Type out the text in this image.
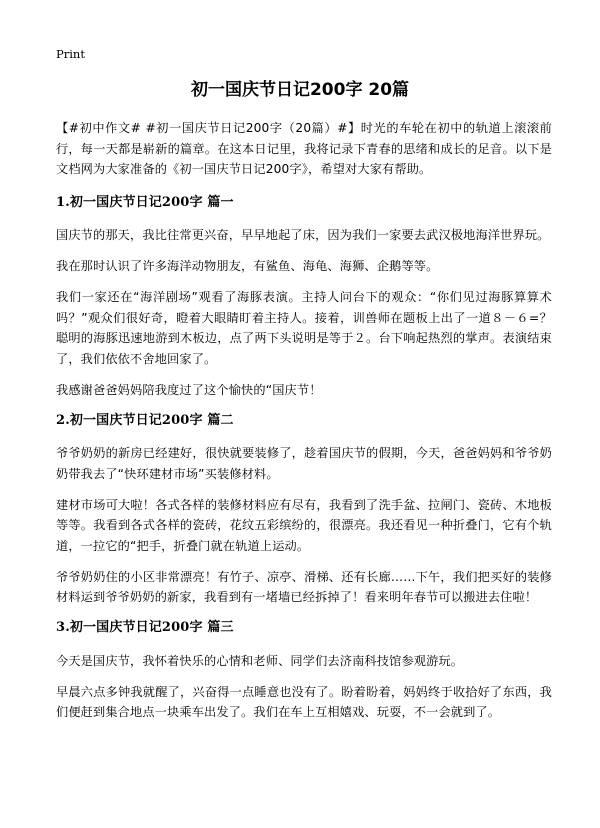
Print
初一国庆节日记200字 20篇

【#初中作文# #初一国庆节日记200字（20篇）#】时光的车轮在初中的轨道上滚滚前行，每一天都是崭新的篇章。在这本日记里，我将记录下青春的思绪和成长的足音。以下是文档网为大家准备的《初一国庆节日记200字》，希望对大家有帮助。

1.初一国庆节日记200字 篇一

国庆节的那天，我比往常更兴奋，早早地起了床，因为我们一家要去武汉极地海洋世界玩。

我在那时认识了许多海洋动物朋友，有鲨鱼、海龟、海狮、企鹅等等。

我们一家还在“海洋剧场”观看了海豚表演。主持人问台下的观众：“你们见过海豚算算术吗？”观众们很好奇，瞪着大眼睛盯着主持人。接着，训兽师在题板上出了一道８－６=？聪明的海豚迅速地游到木板边，点了两下头说明是等于２。台下响起热烈的掌声。表演结束了，我们依依不舍地回家了。

我感谢爸爸妈妈陪我度过了这个愉快的“国庆节！

2.初一国庆节日记200字 篇二

爷爷奶奶的新房已经建好，很快就要装修了，趁着国庆节的假期，今天，爸爸妈妈和爷爷奶奶带我去了“快环建材市场”买装修材料。

建材市场可大啦！各式各样的装修材料应有尽有，我看到了洗手盆、拉闸门、瓷砖、木地板等等。我看到各式各样的瓷砖，花纹五彩缤纷的，很漂亮。我还看见一种折叠门，它有个轨道，一拉它的“把手，折叠门就在轨道上运动。

爷爷奶奶住的小区非常漂亮！有竹子、凉亭、滑梯、还有长廊……下午，我们把买好的装修材料运到爷爷奶奶的新家，我看到有一堵墙已经拆掉了！看来明年春节可以搬进去住啦！

3.初一国庆节日记200字 篇三

今天是国庆节，我怀着快乐的心情和老师、同学们去济南科技馆参观游玩。

早晨六点多钟我就醒了，兴奋得一点睡意也没有了。盼着盼着，妈妈终于收拾好了东西，我们便赶到集合地点一块乘车出发了。我们在车上互相嬉戏、玩耍，不一会就到了。
